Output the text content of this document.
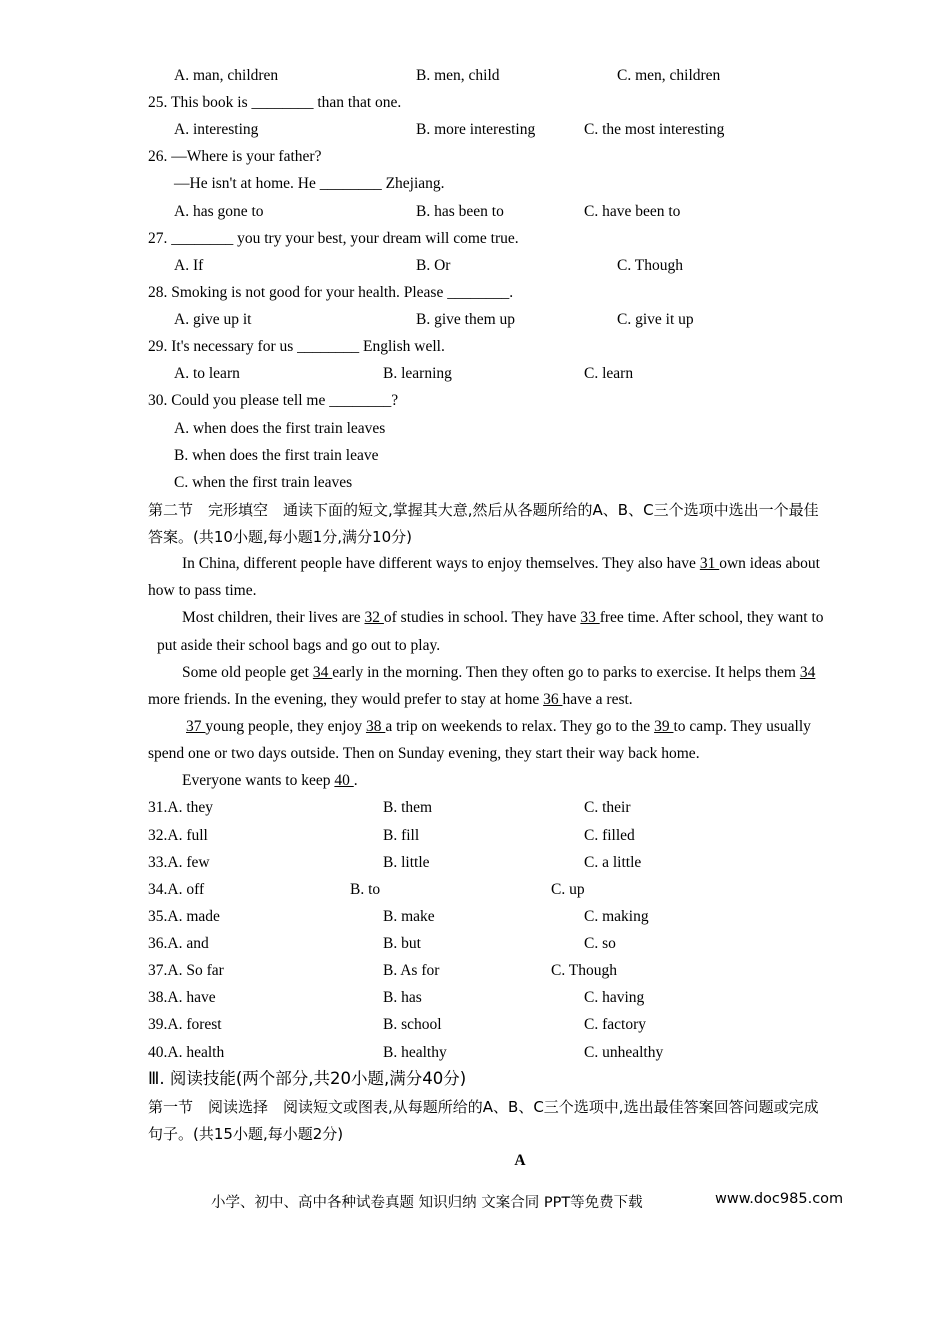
A. man, children	B. men, child	C. men, children
25. This book is ________ than that one.
A. interesting	B. more interesting	C. the most interesting
26. —Where is your father?
—He isn't at home. He ________ Zhejiang.
A. has gone to	B. has been to	C. have been to
27. ________ you try your best, your dream will come true.
A. If	B. Or	C. Though
28. Smoking is not good for your health. Please ________.
A. give up it	B. give them up	C. give it up
29. It's necessary for us ________ English well.
A. to learn	B. learning	C. learn
30. Could you please tell me ________?
A. when does the first train leaves
B. when does the first train leave
C. when the first train leaves
第二节　完形填空　通读下面的短文,掌握其大意,然后从各题所给的A、B、C三个选项中选出一个最佳
答案。(共10小题,每小题1分,满分10分)
In China, different people have different ways to enjoy themselves. They also have 31 own ideas about
how to pass time.
Most children, their lives are 32 of studies in school. They have 33 free time. After school, they want to
put aside their school bags and go out to play.
Some old people get 34 early in the morning. Then they often go to parks to exercise. It helps them 34
more friends. In the evening, they would prefer to stay at home 36 have a rest.
37 young people, they enjoy 38 a trip on weekends to relax. They go to the 39 to camp. They usually
spend one or two days outside. Then on Sunday evening, they start their way back home.
Everyone wants to keep 40 .
31.A. they	B. them	C. their
32.A. full	B. fill	C. filled
33.A. few	B. little	C. a little
34.A. off	B. to	C. up
35.A. made	B. make	C. making
36.A. and	B. but	C. so
37.A. So far	B. As for	C. Though
38.A. have	B. has	C. having
39.A. forest	B. school	C. factory
40.A. health	B. healthy	C. unhealthy
Ⅲ. 阅读技能(两个部分,共20小题,满分40分)
第一节　阅读选择　阅读短文或图表,从每题所给的A、B、C三个选项中,选出最佳答案回答问题或完成
句子。(共15小题,每小题2分)
A
小学、初中、高中各种试卷真题 知识归纳 文案合同 PPT等免费下载	www.doc985.com
